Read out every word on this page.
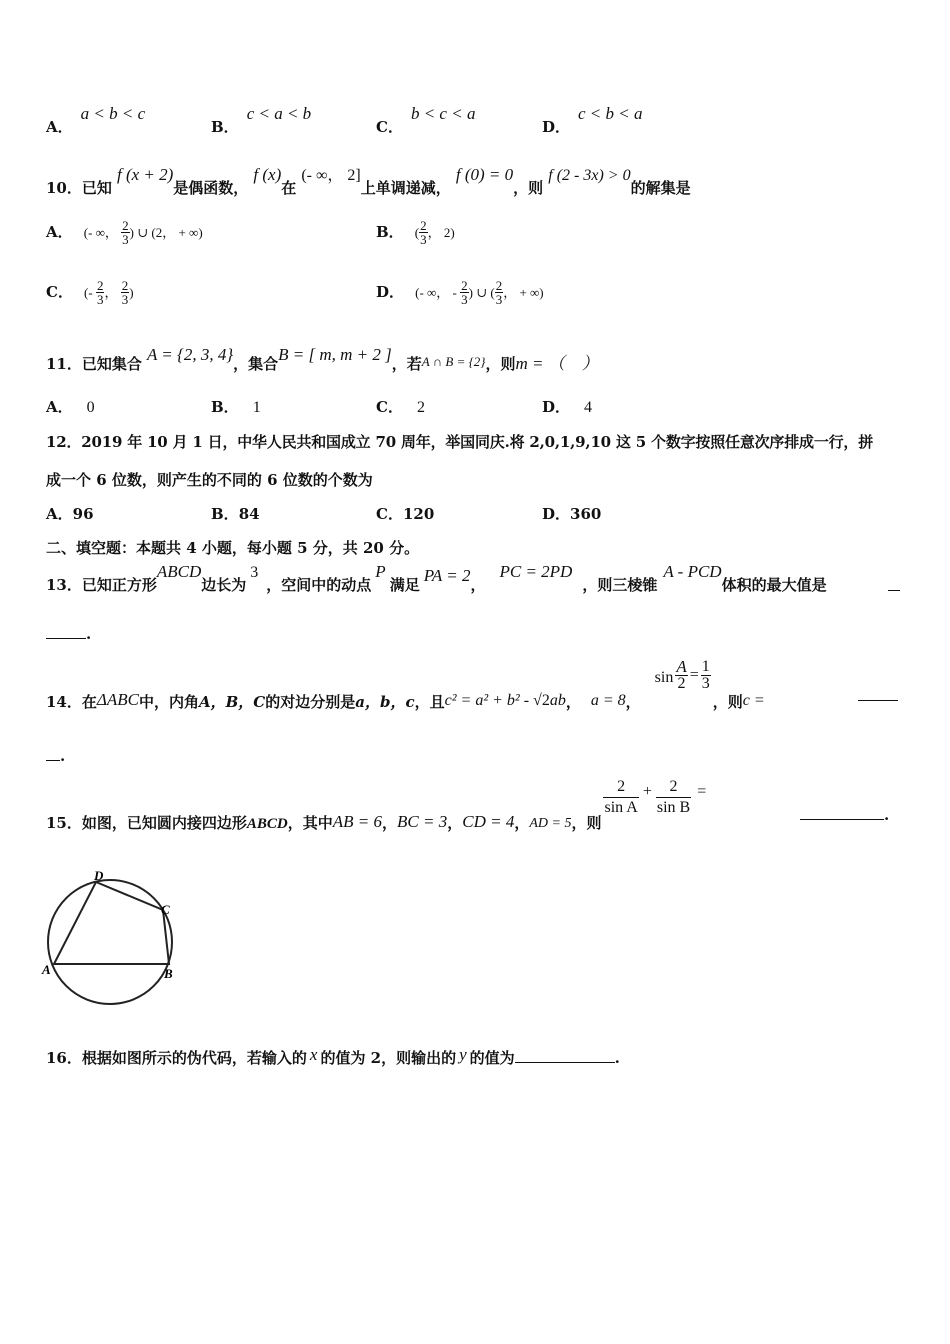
A．a < b < c
B．c < a < b
C．b < c < a
D．c < b < a
10．已知 f (x + 2)是偶函数， f (x)在 (- ∞， 2]上单调递减， f (0) = 0，则 f (2 - 3x) > 0的解集是
A． (- ∞， $\frac{2}{3}$ ) ∪ (2， + ∞)	B． ( $\frac{2}{3}$ ， 2)
C． (- $\frac{2}{3}$ ， $\frac{2}{3}$ )	D． (- ∞， - $\frac{2}{3}$ ) ∪ ( $\frac{2}{3}$ ， + ∞)
11．已知集合 A = {2, 3, 4}，集合B = [ m, m + 2 ]，若$_{A \cap B = \{2\}}$，则m = （　）
A． 0	B． 1	C． 2	D． 4
12．2019 年 10 月 1 日，中华人民共和国成立 70 周年，举国同庆.将 2,0,1,9,10 这 5 个数字按照任意次序排成一行，拼
成一个 6 位数，则产生的不同的 6 位数的个数为
A．96	B．84	C．120	D．360
二、填空题：本题共 4 小题，每小题 5 分，共 20 分。
13．已知正方形ABCD边长为3，空间中的动点P满足 PA = 2，PC = 2PD，则三棱锥A - PCD体积的最大值是
.
14．在ΔABC中，内角A，B，C的对边分别是a，b，c，且c² = a² + b² - √2ab， a = 8，$\sin \frac{A}{2} = \frac{1}{3}$
，则c =
.
15．如图，已知圆内接四边形ABCD，其中AB = 6，BC = 3，CD = 4，AD = 5，则
$\frac{2}{\text{sin A}} + \frac{2}{\text{sin B}}$ =
.
A	B
C
D
16．根据如图所示的伪代码，若输入的 x 的值为 2，则输出的 y 的值为	.
